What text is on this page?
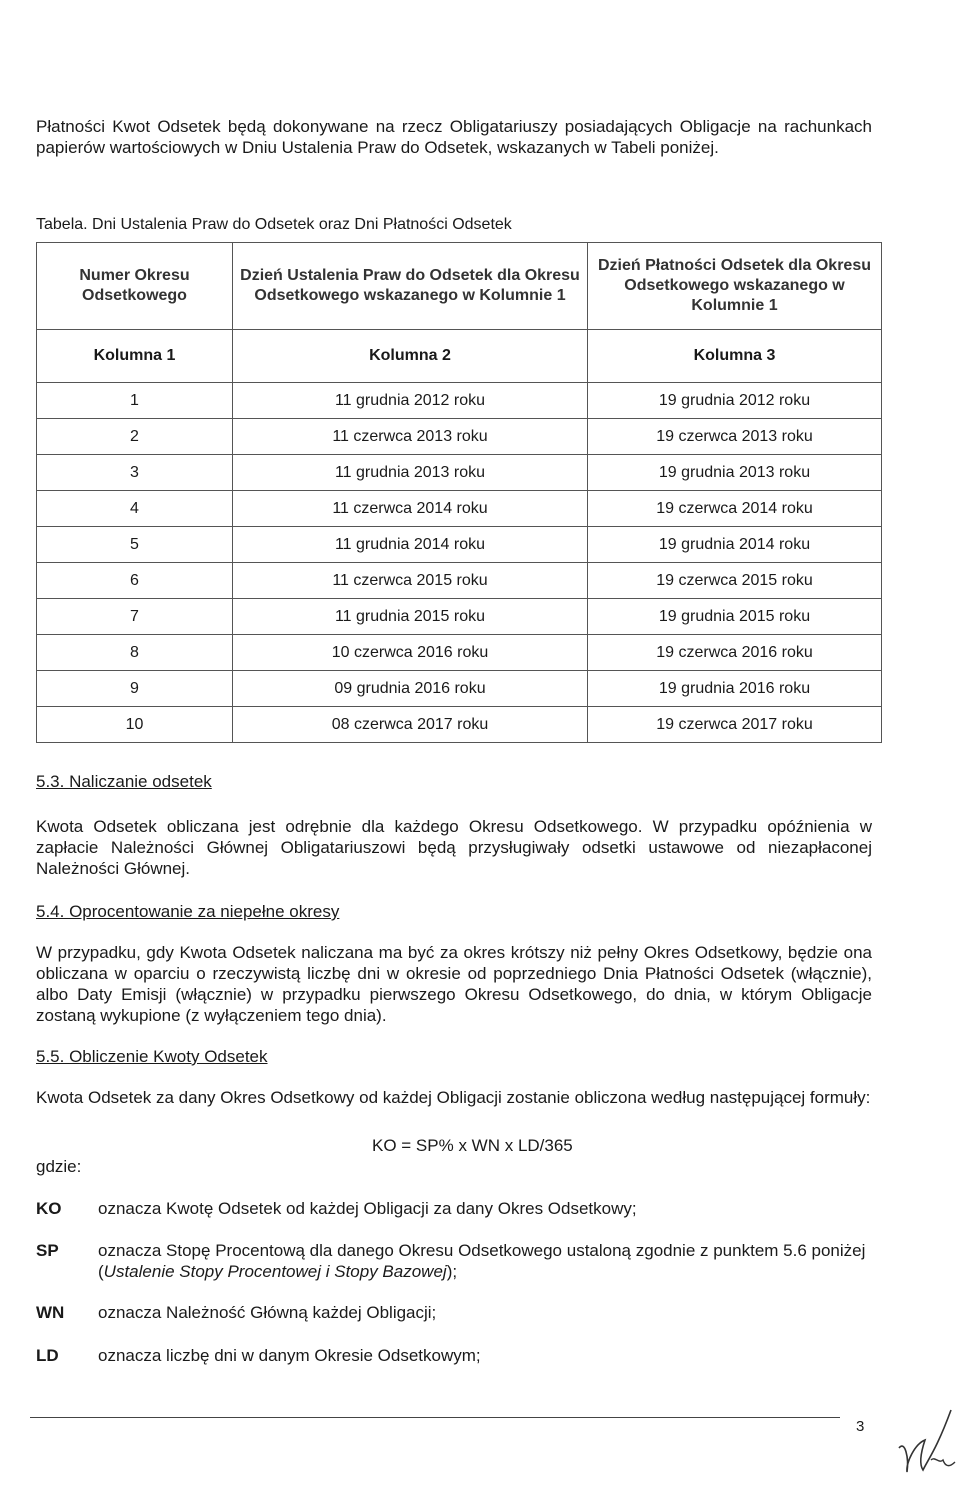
Płatności Kwot Odsetek będą dokonywane na rzecz Obligatariuszy posiadających Obligacje na rachunkach papierów wartościowych w Dniu Ustalenia Praw do Odsetek, wskazanych w Tabeli poniżej.
Tabela. Dni Ustalenia Praw do Odsetek oraz Dni Płatności Odsetek
Numer Okresu Odsetkowego	Dzień Ustalenia Praw do Odsetek dla Okresu Odsetkowego wskazanego w Kolumnie 1	Dzień Płatności Odsetek dla Okresu Odsetkowego wskazanego w Kolumnie 1
Kolumna 1	Kolumna 2	Kolumna 3
1	11 grudnia 2012 roku	19 grudnia 2012 roku
2	11 czerwca 2013 roku	19 czerwca 2013 roku
3	11 grudnia 2013 roku	19 grudnia 2013 roku
4	11 czerwca 2014 roku	19 czerwca 2014 roku
5	11 grudnia 2014 roku	19 grudnia 2014 roku
6	11 czerwca 2015 roku	19 czerwca 2015 roku
7	11 grudnia 2015 roku	19 grudnia 2015 roku
8	10 czerwca 2016 roku	19 czerwca 2016 roku
9	09 grudnia 2016 roku	19 grudnia 2016 roku
10	08 czerwca 2017 roku	19 czerwca 2017 roku
5.3. Naliczanie odsetek
Kwota Odsetek obliczana jest odrębnie dla każdego Okresu Odsetkowego. W przypadku opóźnienia w zapłacie Należności Głównej Obligatariuszowi będą przysługiwały odsetki ustawowe od niezapłaconej Należności Głównej.
5.4. Oprocentowanie za niepełne okresy
W przypadku, gdy Kwota Odsetek naliczana ma być za okres krótszy niż pełny Okres Odsetkowy, będzie ona obliczana w oparciu o rzeczywistą liczbę dni w okresie od poprzedniego Dnia Płatności Odsetek (włącznie), albo Daty Emisji (włącznie) w przypadku pierwszego Okresu Odsetkowego, do dnia, w którym Obligacje zostaną wykupione (z wyłączeniem tego dnia).
5.5. Obliczenie Kwoty Odsetek
Kwota Odsetek za dany Okres Odsetkowy od każdej Obligacji zostanie obliczona według następującej formuły:
KO = SP% x WN x LD/365
gdzie:
KO oznacza Kwotę Odsetek od każdej Obligacji za dany Okres Odsetkowy;
SP oznacza Stopę Procentową dla danego Okresu Odsetkowego ustaloną zgodnie z punktem 5.6 poniżej (Ustalenie Stopy Procentowej i Stopy Bazowej);
WN oznacza Należność Główną każdej Obligacji;
LD oznacza liczbę dni w danym Okresie Odsetkowym;
3
